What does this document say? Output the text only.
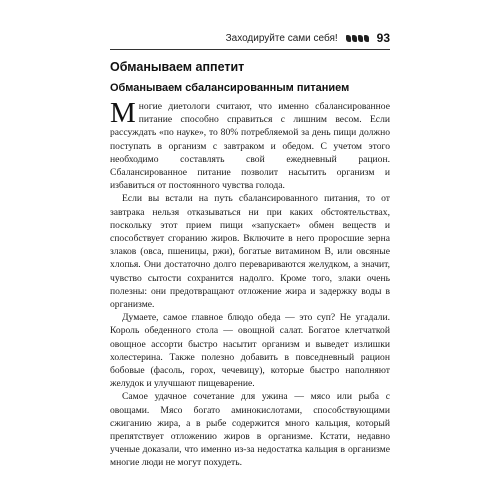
Заходируйте сами себя!	93
Обманываем аппетит
Обманываем сбалансированным питанием

Многие диетологи считают, что именно сбалансированное питание способно справиться с лишним весом. Если рассуждать «по науке», то 80% потребляемой за день пищи должно поступать в организм с завтраком и обедом. С учетом этого необходимо составлять свой ежедневный рацион. Сбалансированное питание позволит насытить организм и избавиться от постоянного чувства голода.

Если вы встали на путь сбалансированного питания, то от завтрака нельзя отказываться ни при каких обстоятельствах, поскольку этот прием пищи «запускает» обмен веществ и способствует сгоранию жиров. Включите в него проросшие зерна злаков (овса, пшеницы, ржи), богатые витамином В, или овсяные хлопья. Они достаточно долго перевариваются желудком, а значит, чувство сытости сохранится надолго. Кроме того, злаки очень полезны: они предотвращают отложение жира и задержку воды в организме.

Думаете, самое главное блюдо обеда — это суп? Не угадали. Король обеденного стола — овощной салат. Богатое клетчаткой овощное ассорти быстро насытит организм и выведет излишки холестерина. Также полезно добавить в повседневный рацион бобовые (фасоль, горох, чечевицу), которые быстро наполняют желудок и улучшают пищеварение.

Самое удачное сочетание для ужина — мясо или рыба с овощами. Мясо богато аминокислотами, способствующими сжиганию жира, а в рыбе содержится много кальция, который препятствует отложению жиров в организме. Кстати, недавно ученые доказали, что именно из-за недостатка кальция в организме многие люди не могут похудеть.
